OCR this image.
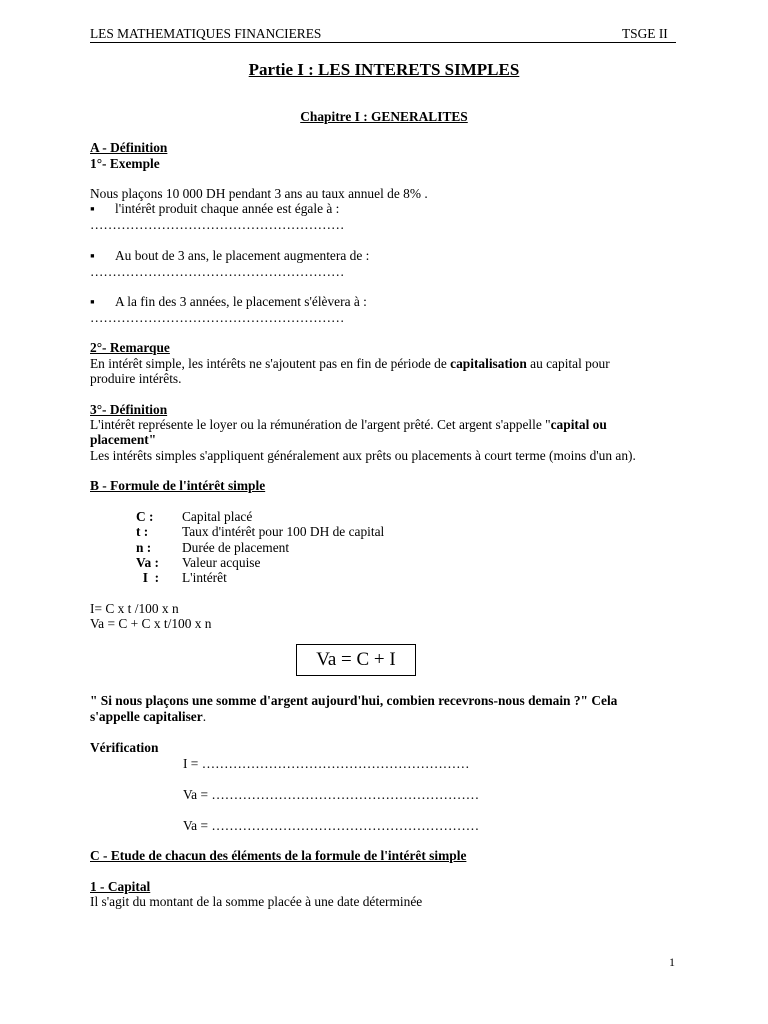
LES MATHEMATIQUES FINANCIERES	TSGE II
Partie I : LES INTERETS SIMPLES
Chapitre I : GENERALITES
A - Définition
1°- Exemple
Nous plaçons 10 000 DH pendant 3 ans au taux annuel de 8% .
▪ l'intérêt produit chaque année est égale à :
…………………………………………………
▪ Au bout de 3 ans, le placement augmentera de :
…………………………………………………
▪ A la fin des 3 années, le placement s'élèvera à :
…………………………………………………
2°- Remarque
En intérêt simple, les intérêts ne s'ajoutent pas en fin de période de capitalisation au capital pour
produire intérêts.
3°- Définition
L'intérêt représente le loyer ou la rémunération de l'argent prêté. Cet argent s'appelle "capital ou
placement"
Les intérêts simples s'appliquent généralement aux prêts ou placements à court terme (moins d'un an).
B - Formule de l'intérêt simple
C : Capital placé
t :	Taux d'intérêt pour 100 DH de capital
n : Durée de placement
Va : Valeur acquise
I  : L'intérêt
I= C x t /100 x n
Va = C + C x t/100 x n
Va = C + I
" Si nous plaçons une somme d'argent aujourd'hui, combien recevrons-nous demain ?" Cela
s'appelle capitaliser.
Vérification
I = ……………………………………………………
Va = ……………………………………………………
Va = ……………………………………………………
C - Etude de chacun des éléments de la formule de l'intérêt simple
1 - Capital
Il s'agit du montant de la somme placée à une date déterminée
1
